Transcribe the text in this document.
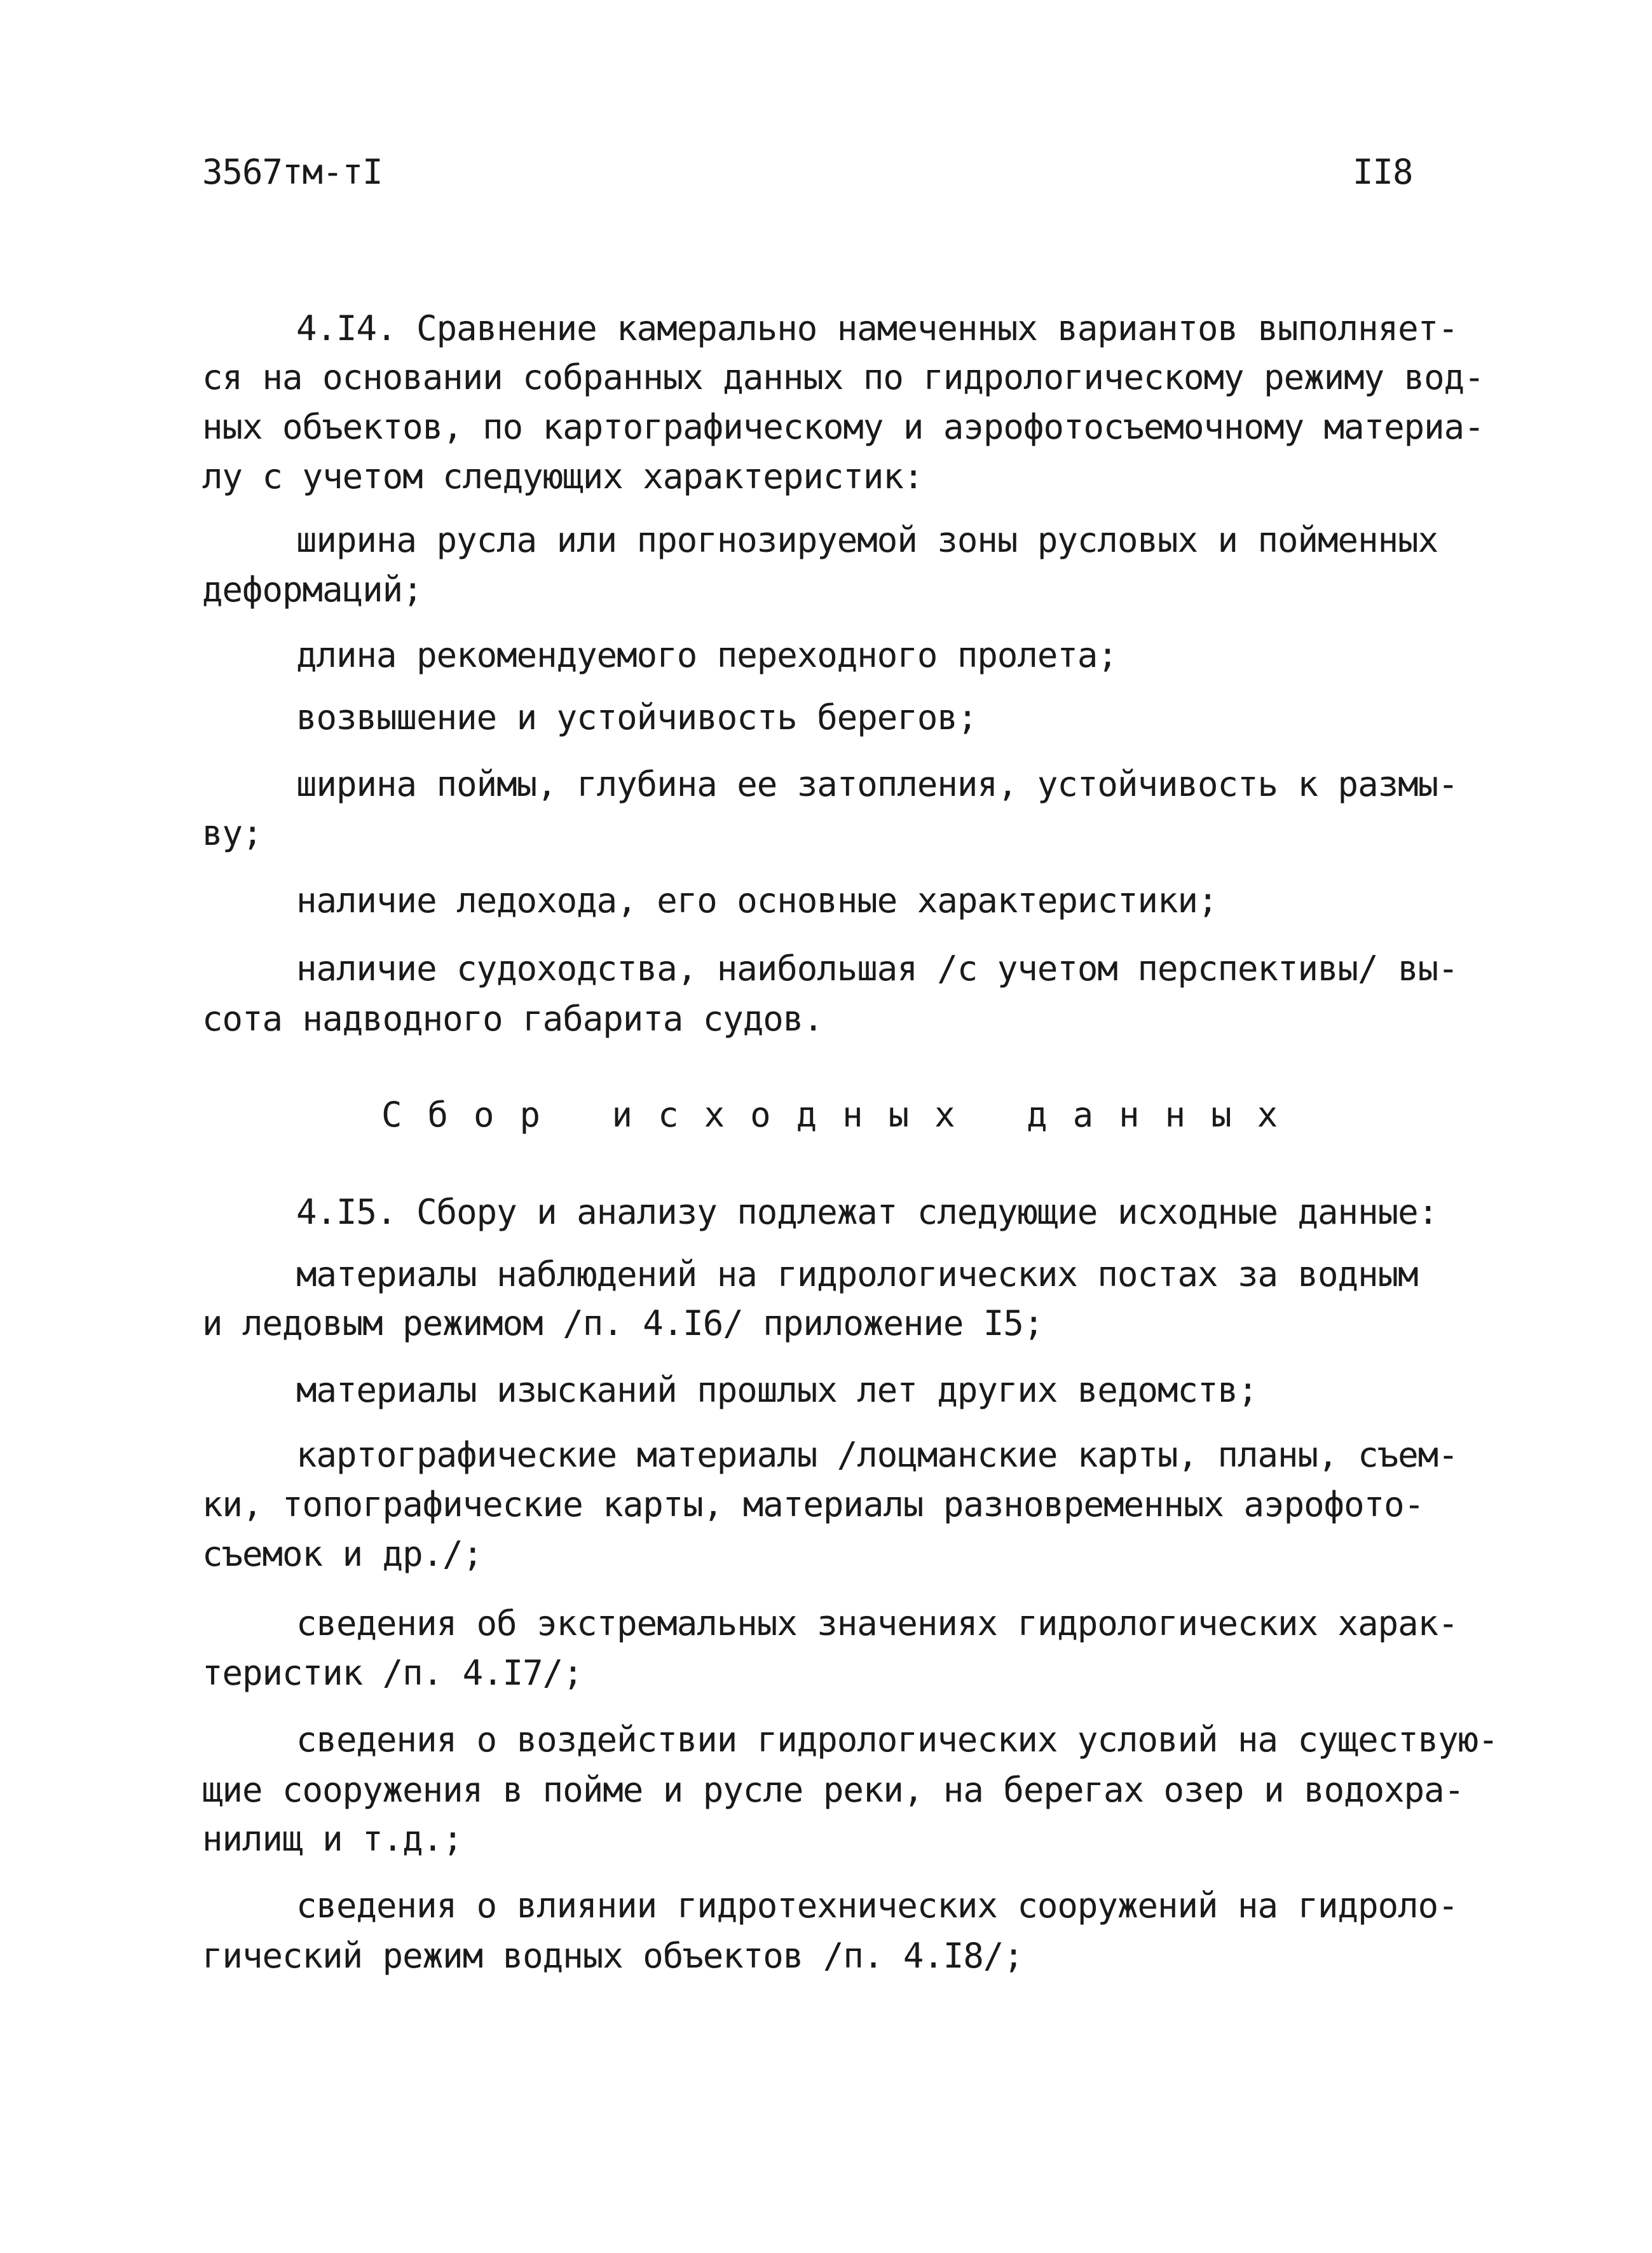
3567тм-тI	II8
4.I4. Сравнение камерально намеченных вариантов выполняет-
ся на основании собранных данных по гидрологическому режиму вод-
ных объектов, по картографическому и аэрофотосъемочному материа-
лу с учетом следующих характеристик:
ширина русла или прогнозируемой зоны русловых и пойменных
деформаций;
длина рекомендуемого переходного пролета;
возвышение и устойчивость берегов;
ширина поймы, глубина ее затопления, устойчивость к размы-
ву;
наличие ледохода, его основные характеристики;
наличие судоходства, наибольшая /с учетом перспективы/ вы-
сота надводного габарита судов.
Сбор исходных данных
4.I5. Сбору и анализу подлежат следующие исходные данные:
материалы наблюдений на гидрологических постах за водным
и ледовым режимом /п. 4.I6/ приложение I5;
материалы изысканий прошлых лет других ведомств;
картографические материалы /лоцманские карты, планы, съем-
ки, топографические карты, материалы разновременных аэрофото-
съемок и др./;
сведения об экстремальных значениях гидрологических харак-
теристик /п. 4.I7/;
сведения о воздействии гидрологических условий на существую-
щие сооружения в пойме и русле реки, на берегах озер и водохра-
нилищ и т.д.;
сведения о влиянии гидротехнических сооружений на гидроло-
гический режим водных объектов /п. 4.I8/;
